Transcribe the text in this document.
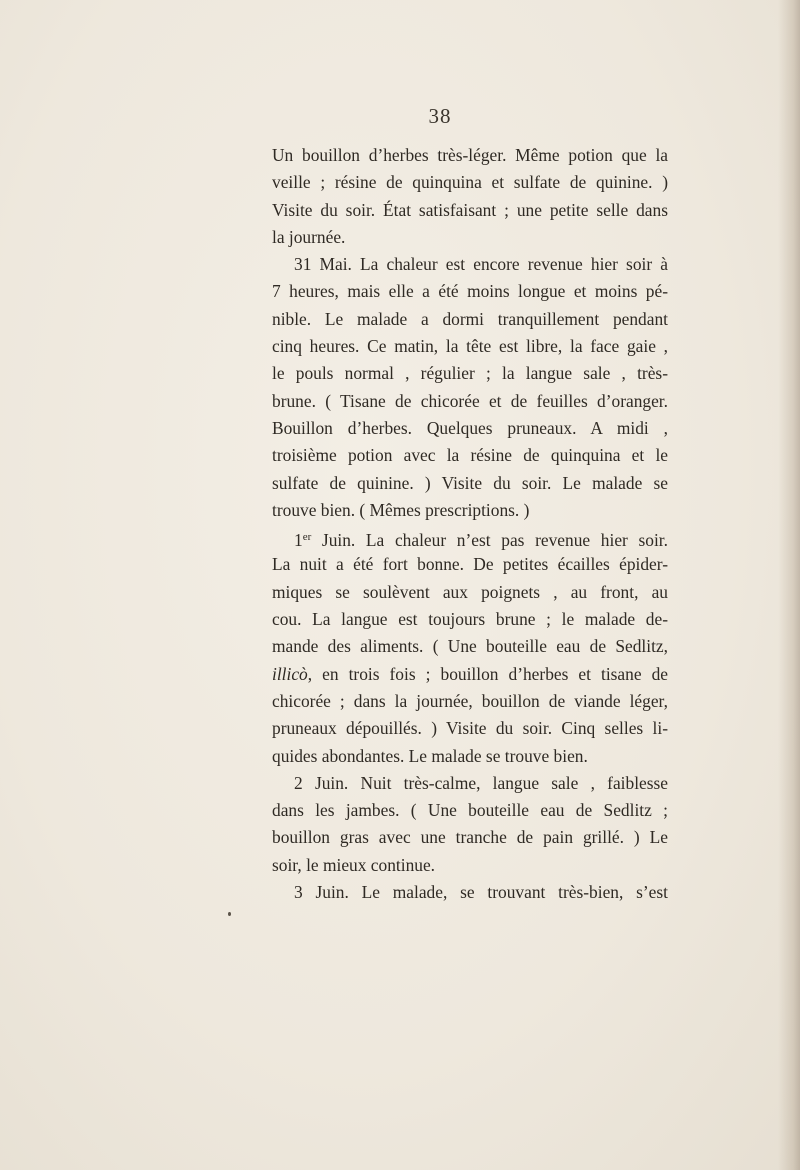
38
Un bouillon d’herbes très-léger. Même potion que la
veille ; résine de quinquina et sulfate de quinine. )
Visite du soir. État satisfaisant ; une petite selle dans
la journée.
31 Mai. La chaleur est encore revenue hier soir à
7 heures, mais elle a été moins longue et moins pé-
nible. Le malade a dormi tranquillement pendant
cinq heures. Ce matin, la tête est libre, la face gaie ,
le pouls normal , régulier ; la langue sale , très-
brune. ( Tisane de chicorée et de feuilles d’oranger.
Bouillon d’herbes. Quelques pruneaux. A midi ,
troisième potion avec la résine de quinquina et le
sulfate de quinine. ) Visite du soir. Le malade se
trouve bien. ( Mêmes prescriptions. )
1er Juin. La chaleur n’est pas revenue hier soir.
La nuit a été fort bonne. De petites écailles épider-
miques se soulèvent aux poignets , au front, au
cou. La langue est toujours brune ; le malade de-
mande des aliments. ( Une bouteille eau de Sedlitz,
illicò, en trois fois ; bouillon d’herbes et tisane de
chicorée ; dans la journée, bouillon de viande léger,
pruneaux dépouillés. ) Visite du soir. Cinq selles li-
quides abondantes. Le malade se trouve bien.
2 Juin. Nuit très-calme, langue sale , faiblesse
dans les jambes. ( Une bouteille eau de Sedlitz ;
bouillon gras avec une tranche de pain grillé. ) Le
soir, le mieux continue.
3 Juin. Le malade, se trouvant très-bien, s’est
